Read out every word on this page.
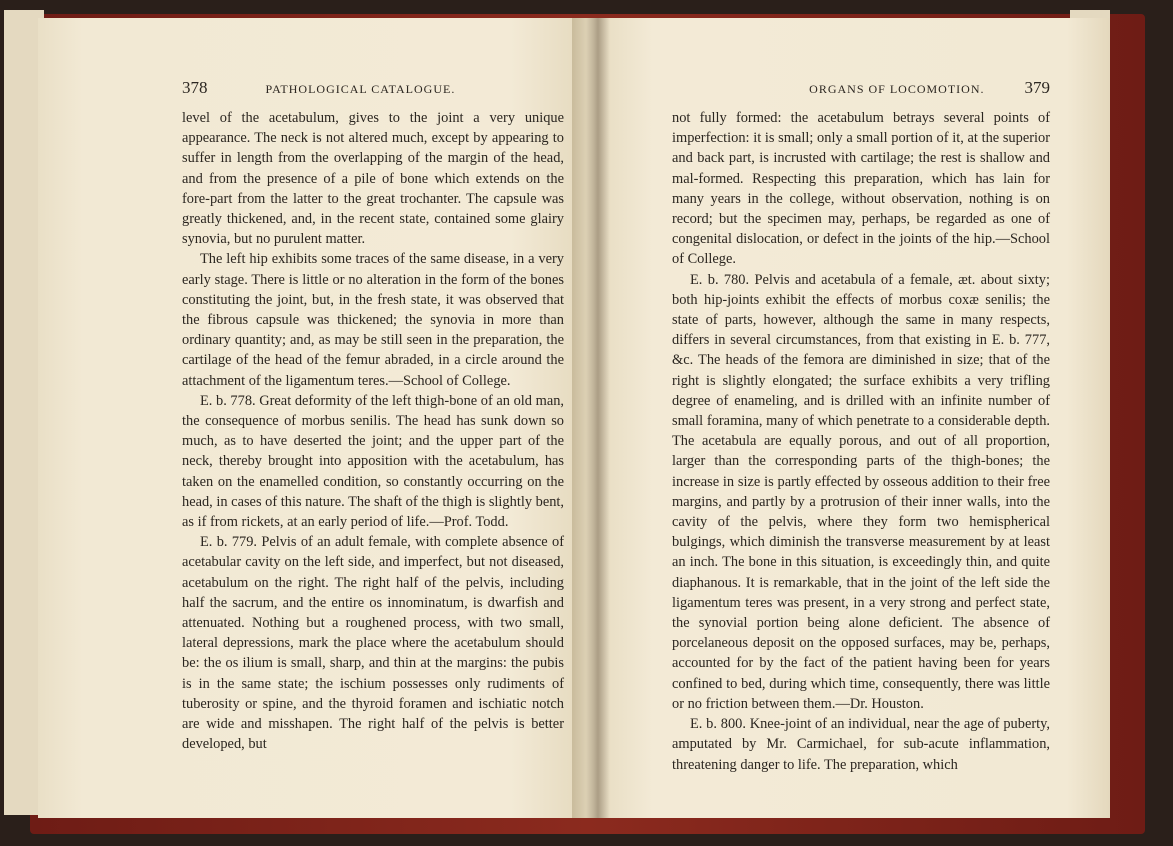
378	PATHOLOGICAL CATALOGUE.

level of the acetabulum, gives to the joint a very unique appearance. The neck is not altered much, except by appearing to suffer in length from the overlapping of the margin of the head, and from the presence of a pile of bone which extends on the fore-part from the latter to the great trochanter. The capsule was greatly thickened, and, in the recent state, contained some glairy synovia, but no purulent matter.

The left hip exhibits some traces of the same disease, in a very early stage. There is little or no alteration in the form of the bones constituting the joint, but, in the fresh state, it was observed that the fibrous capsule was thickened; the synovia in more than ordinary quantity; and, as may be still seen in the preparation, the cartilage of the head of the femur abraded, in a circle around the attachment of the ligamentum teres.—School of College.

E. b. 778. Great deformity of the left thigh-bone of an old man, the consequence of morbus senilis. The head has sunk down so much, as to have deserted the joint; and the upper part of the neck, thereby brought into apposition with the acetabulum, has taken on the enamelled condition, so constantly occurring on the head, in cases of this nature. The shaft of the thigh is slightly bent, as if from rickets, at an early period of life.—Prof. Todd.

E. b. 779. Pelvis of an adult female, with complete absence of acetabular cavity on the left side, and imperfect, but not diseased, acetabulum on the right. The right half of the pelvis, including half the sacrum, and the entire os innominatum, is dwarfish and attenuated. Nothing but a roughened process, with two small, lateral depressions, mark the place where the acetabulum should be: the os ilium is small, sharp, and thin at the margins: the pubis is in the same state; the ischium possesses only rudiments of tuberosity or spine, and the thyroid foramen and ischiatic notch are wide and misshapen. The right half of the pelvis is better developed, but

ORGANS OF LOCOMOTION. 379

not fully formed: the acetabulum betrays several points of imperfection: it is small; only a small portion of it, at the superior and back part, is incrusted with cartilage; the rest is shallow and mal-formed. Respecting this preparation, which has lain for many years in the college, without observation, nothing is on record; but the specimen may, perhaps, be regarded as one of congenital dislocation, or defect in the joints of the hip.—School of College.

E. b. 780. Pelvis and acetabula of a female, æt. about sixty; both hip-joints exhibit the effects of morbus coxæ senilis; the state of parts, however, although the same in many respects, differs in several circumstances, from that existing in E. b. 777, &c. The heads of the femora are diminished in size; that of the right is slightly elongated; the surface exhibits a very trifling degree of enameling, and is drilled with an infinite number of small foramina, many of which penetrate to a considerable depth. The acetabula are equally porous, and out of all proportion, larger than the corresponding parts of the thigh-bones; the increase in size is partly effected by osseous addition to their free margins, and partly by a protrusion of their inner walls, into the cavity of the pelvis, where they form two hemispherical bulgings, which diminish the transverse measurement by at least an inch. The bone in this situation, is exceedingly thin, and quite diaphanous. It is remarkable, that in the joint of the left side the ligamentum teres was present, in a very strong and perfect state, the synovial portion being alone deficient. The absence of porcelaneous deposit on the opposed surfaces, may be, perhaps, accounted for by the fact of the patient having been for years confined to bed, during which time, consequently, there was little or no friction between them.—Dr. Houston.

E. b. 800. Knee-joint of an individual, near the age of puberty, amputated by Mr. Carmichael, for sub-acute inflammation, threatening danger to life. The preparation, which
